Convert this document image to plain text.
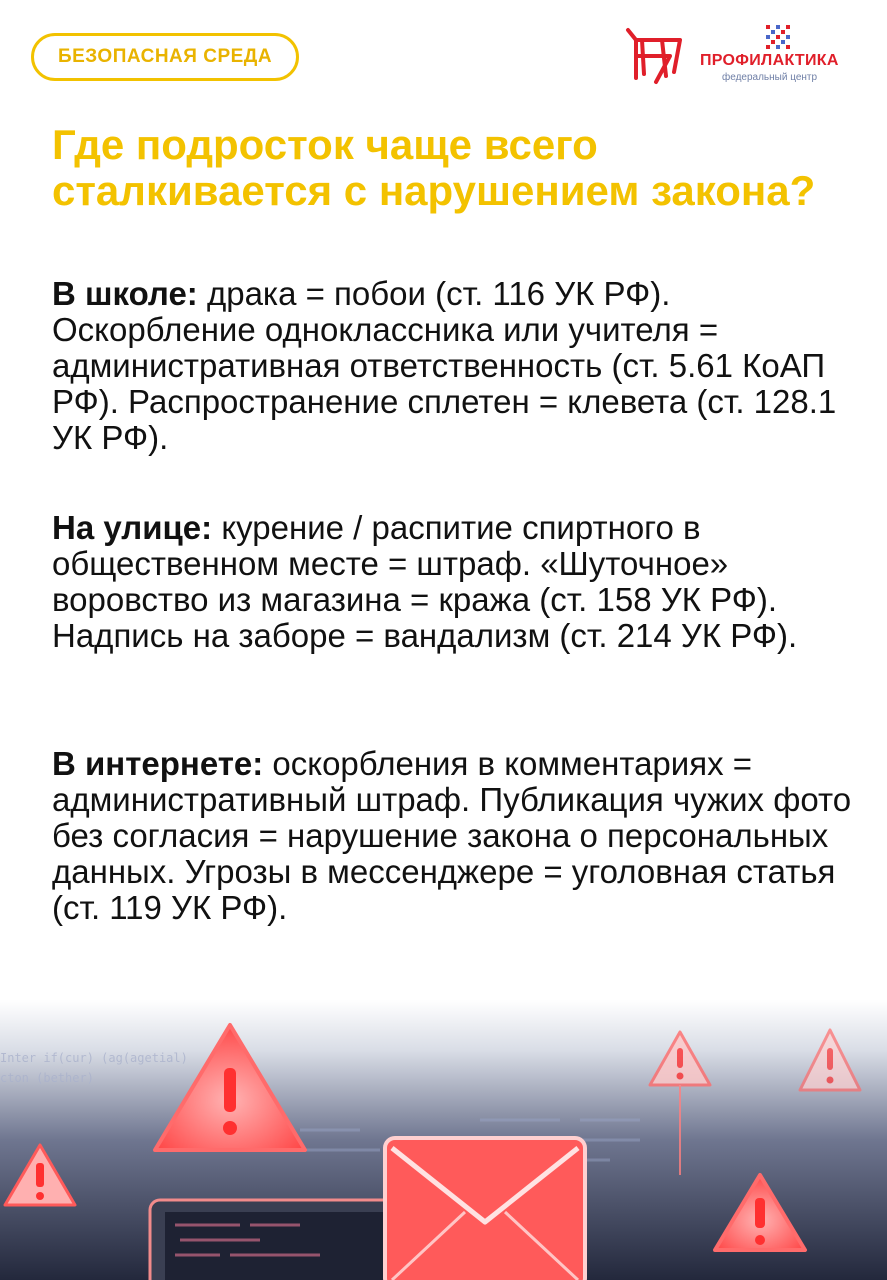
БЕЗОПАСНАЯ СРЕДА	ПРОФИЛАКТИКА
федеральный центр
Где подросток чаще всего сталкивается с нарушением закона?

В школе: драка = побои (ст. 116 УК РФ). Оскорбление одноклассника или учителя = административная ответственность (ст. 5.61 КоАП РФ). Распространение сплетен = клевета (ст. 128.1 УК РФ).

На улице: курение / распитие спиртного в общественном месте = штраф. «Шуточное» воровство из магазина = кража (ст. 158 УК РФ). Надпись на заборе = вандализм (ст. 214 УК РФ).

В интернете: оскорбления в комментариях = административный штраф. Публикация чужих фото без согласия = нарушение закона о персональных данных. Угрозы в мессенджере = уголовная статья (ст. 119 УК РФ).

Inter if(cur) (ag(agetial)
cton (bether)
